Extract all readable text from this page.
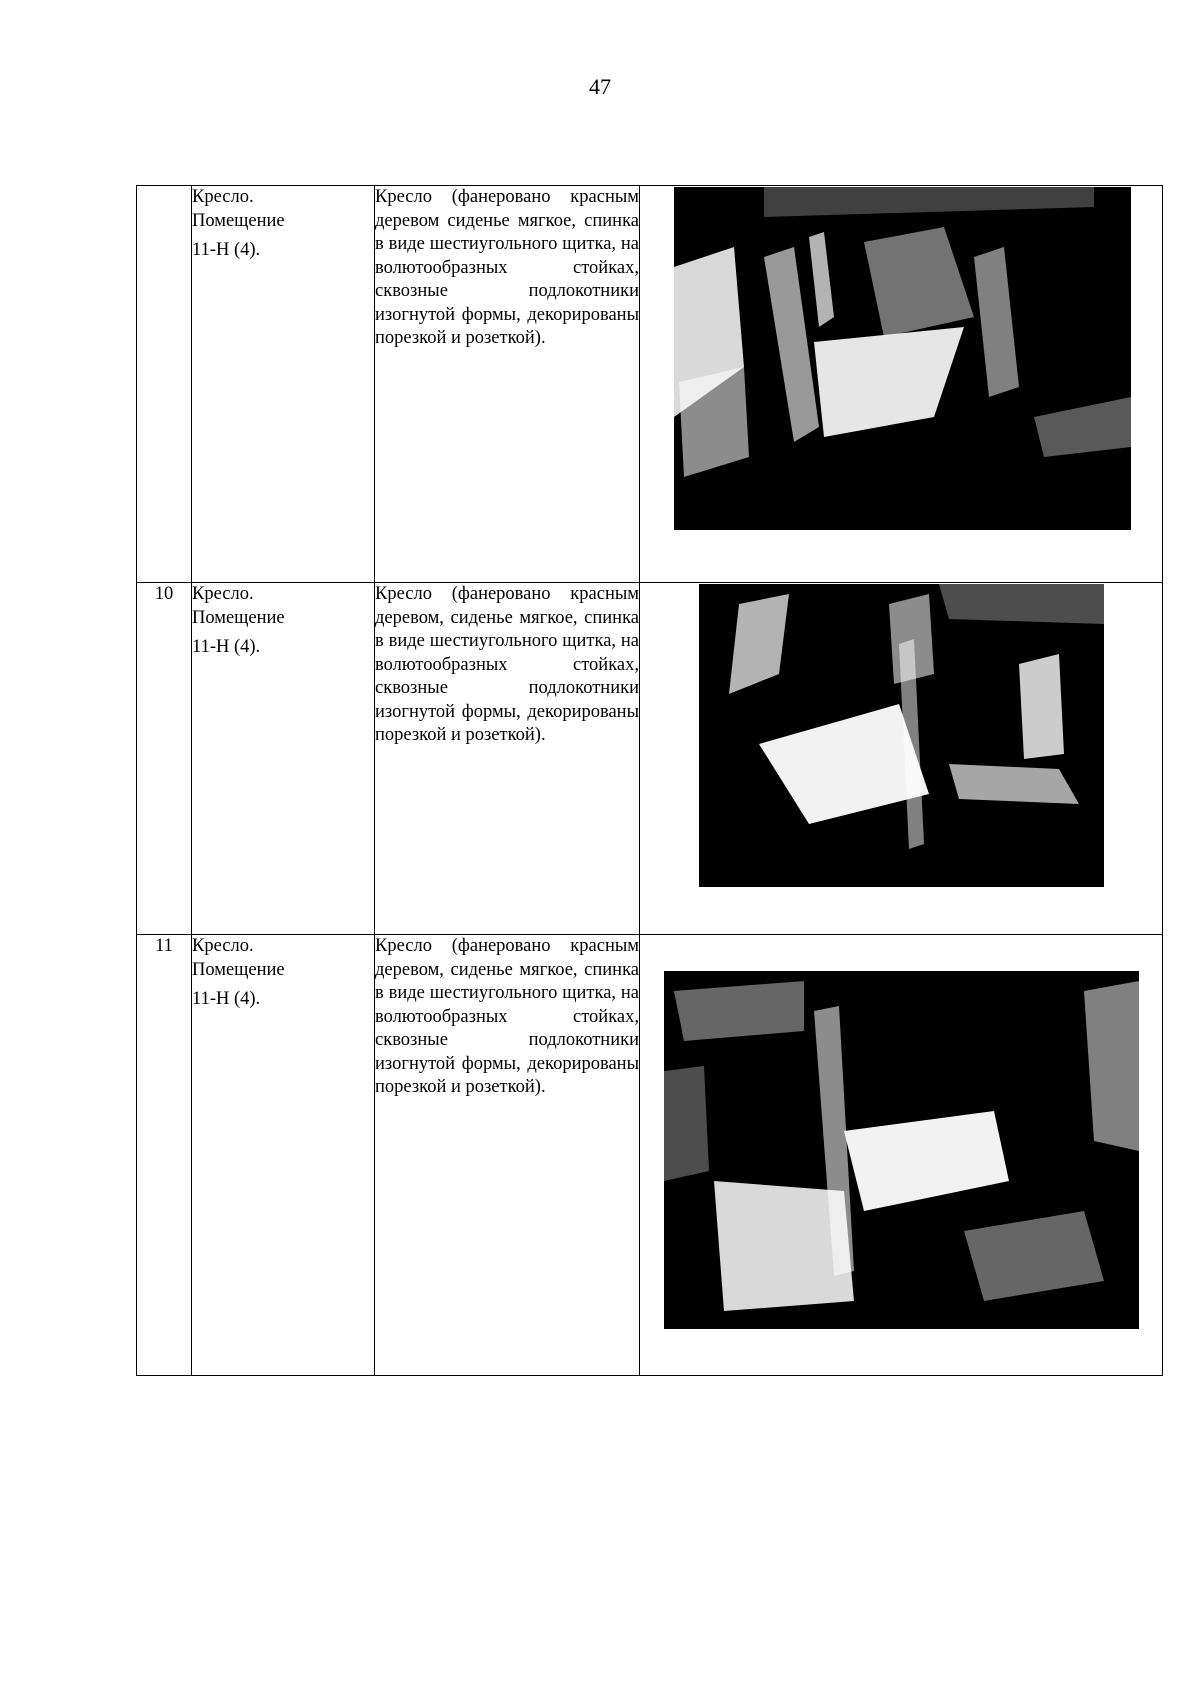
47
	Кресло.
Помещение
11-Н (4).	Кресло (фанеровано красным деревом сиденье мягкое, спинка в виде шестиугольного щитка, на волютообразных стойках, сквозные подлокотники изогнутой формы, декорированы порезкой и розеткой).	

10	Кресло.
Помещение
11-Н (4).	Кресло (фанеровано красным деревом, сиденье мягкое, спинка в виде шестиугольного щитка, на волютообразных стойках, сквозные подлокотники изогнутой формы, декорированы порезкой и розеткой).	

11	Кресло.
Помещение
11-Н (4).	Кресло (фанеровано красным деревом, сиденье мягкое, спинка в виде шестиугольного щитка, на волютообразных стойках, сквозные подлокотники изогнутой формы, декорированы порезкой и розеткой).	
